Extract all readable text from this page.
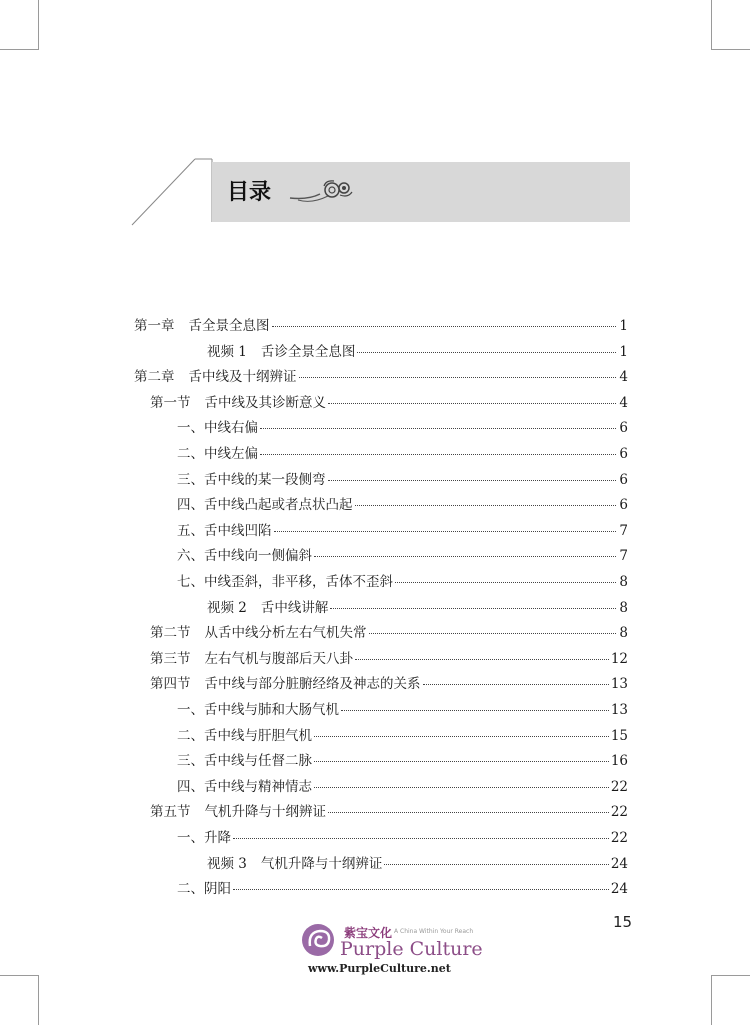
目录
第一章 舌全景全息图	1
视频 1 舌诊全景全息图	1
第二章 舌中线及十纲辨证	4
第一节 舌中线及其诊断意义	4
一、中线右偏	6
二、中线左偏	6
三、舌中线的某一段侧弯	6
四、舌中线凸起或者点状凸起	6
五、舌中线凹陷	7
六、舌中线向一侧偏斜	7
七、中线歪斜，非平移，舌体不歪斜	8
视频 2 舌中线讲解	8
第二节 从舌中线分析左右气机失常	8
第三节 左右气机与腹部后天八卦	12
第四节 舌中线与部分脏腑经络及神志的关系	13
一、舌中线与肺和大肠气机	13
二、舌中线与肝胆气机	15
三、舌中线与任督二脉	16
四、舌中线与精神情志	22
第五节 气机升降与十纲辨证	22
一、升降	22
视频 3 气机升降与十纲辨证	24
二、阴阳	24
15
紫宝文化 A China Within Your Reach
Purple Culture
www.PurpleCulture.net
